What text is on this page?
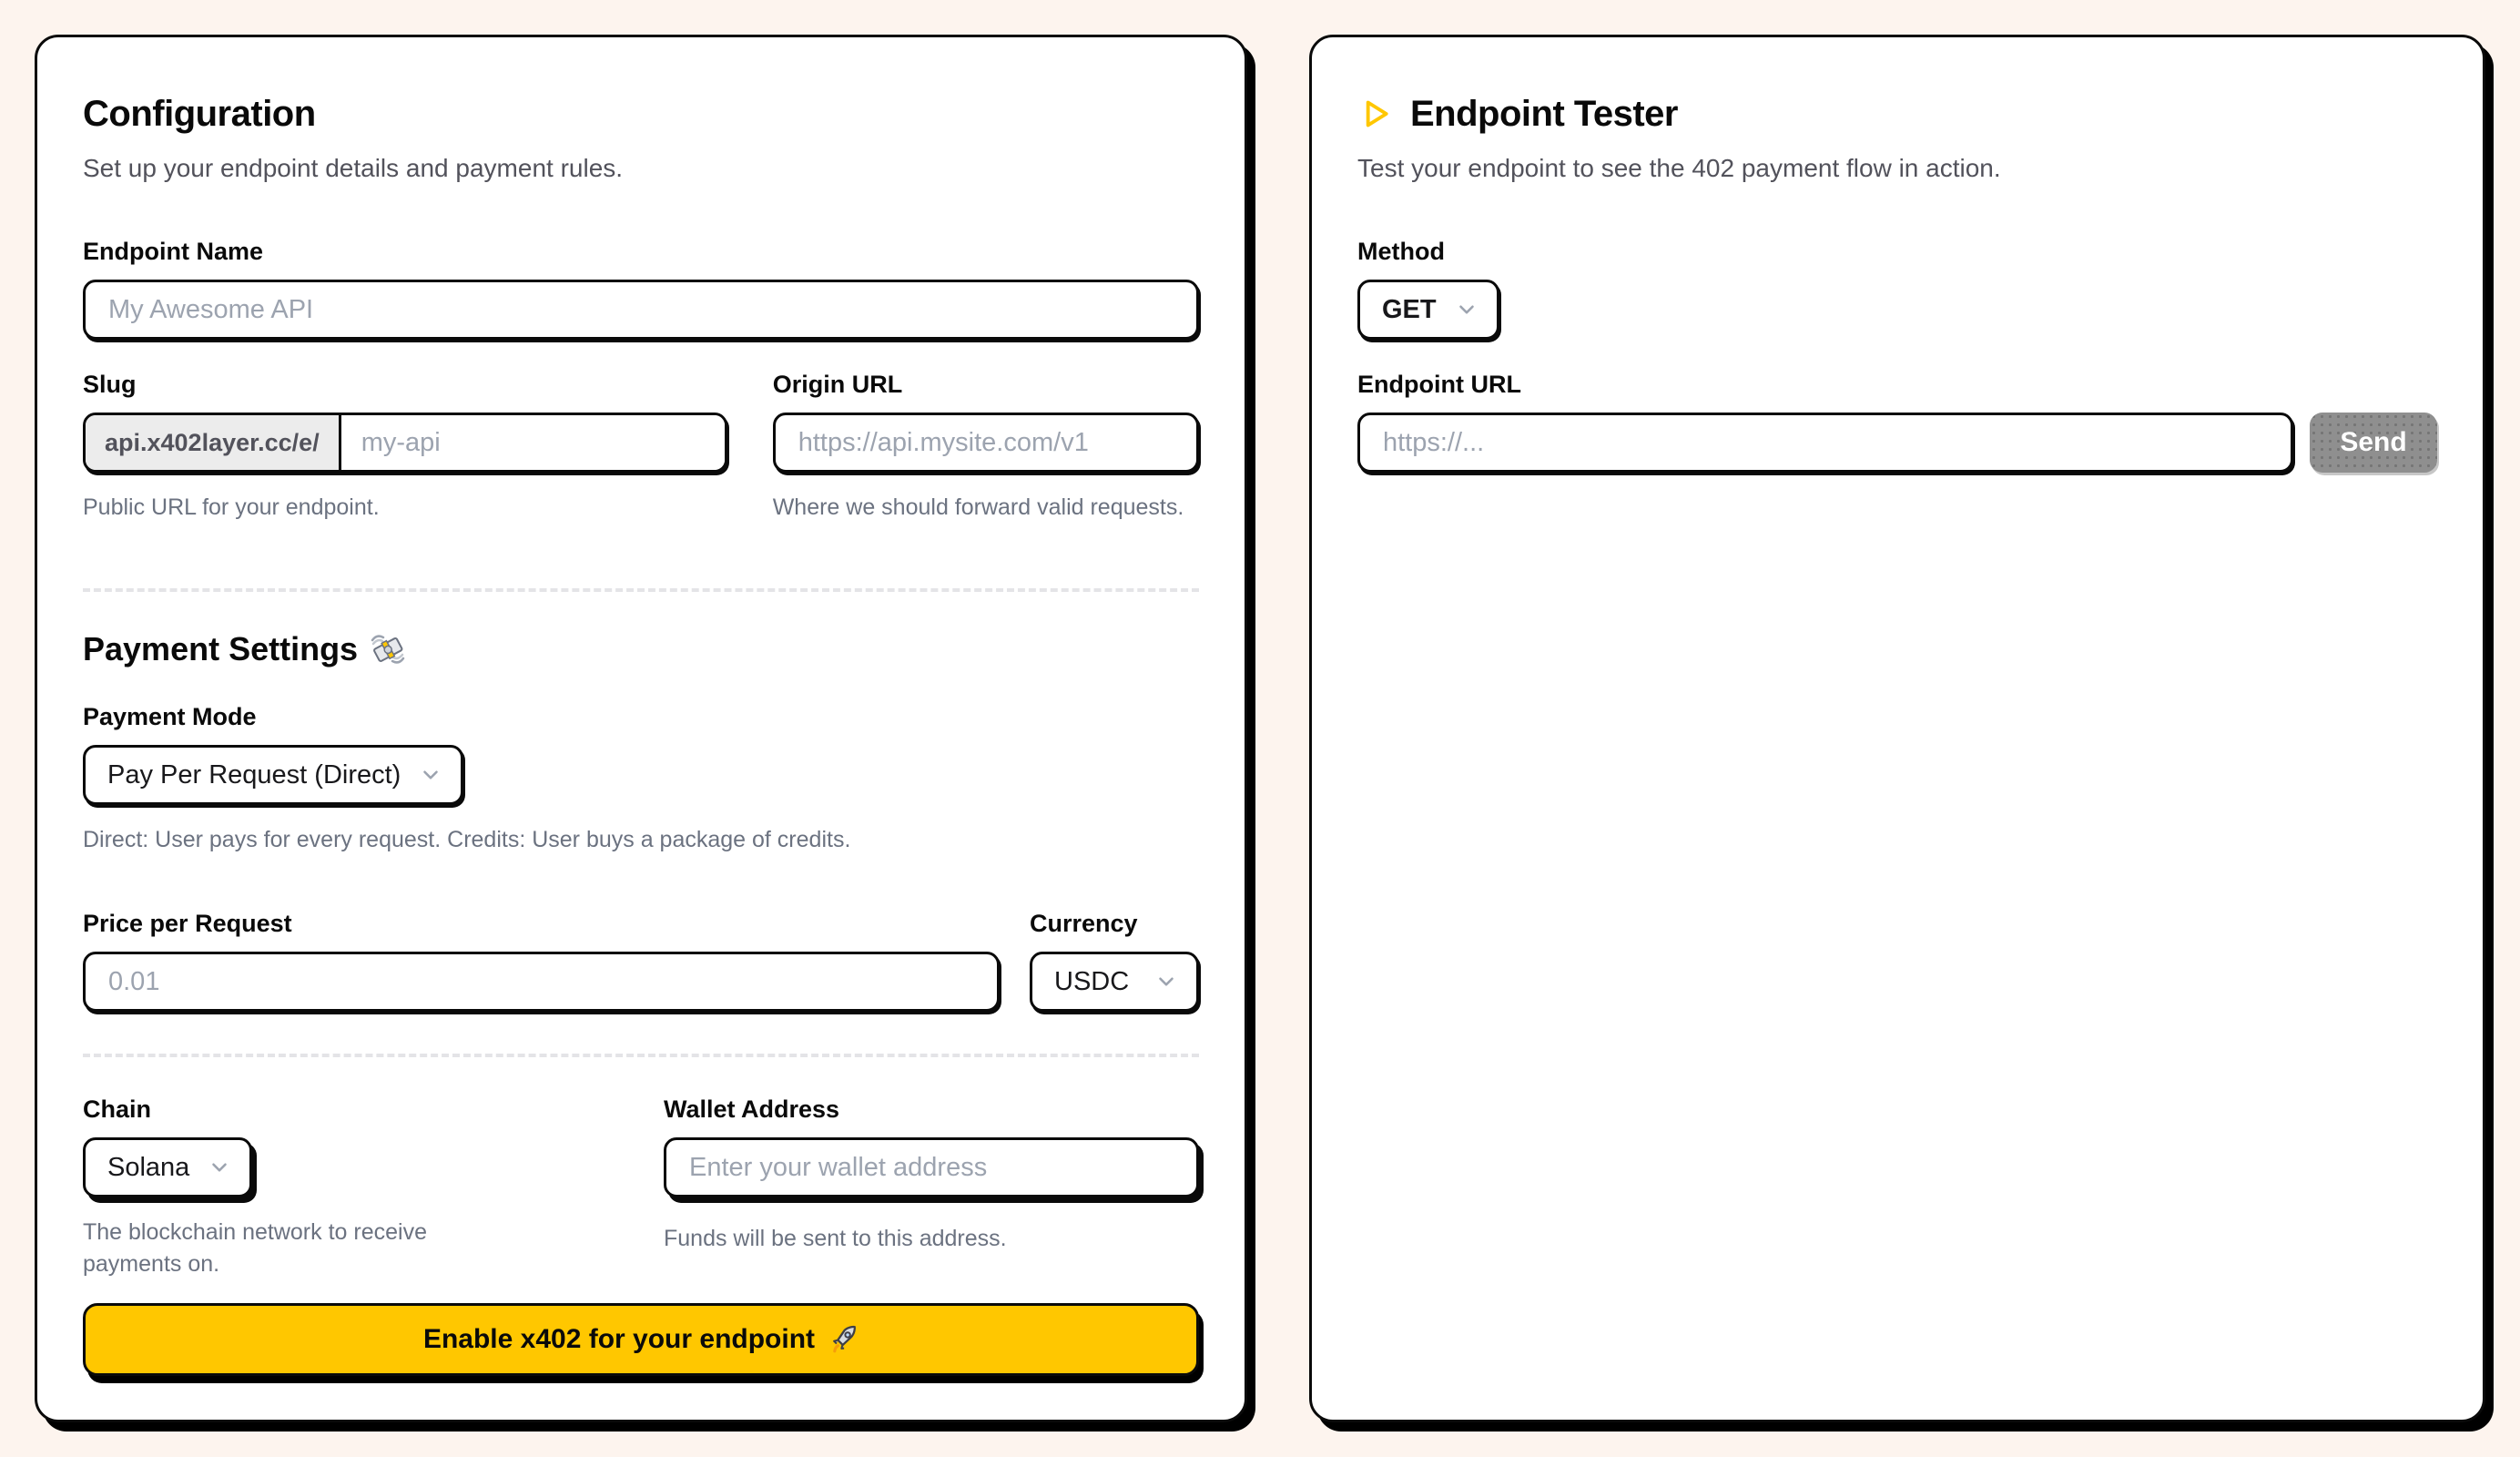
Configuration

Set up your endpoint details and payment rules.

Endpoint Name
My Awesome API
Slug
api.x402layer.cc/e/
my-api

Public URL for your endpoint.

Origin URL
https://api.mysite.com/v1

Where we should forward valid requests.

Payment Settings
Payment Mode
Pay Per Request (Direct)

Direct: User pays for every request. Credits: User buys a package of credits.

Price per Request
0.01	Currency
USDC
Chain
Solana

The blockchain network to receive payments on.

Wallet Address
Enter your wallet address

Funds will be sent to this address.

Enable x402 for your endpoint
Endpoint Tester

Test your endpoint to see the 402 payment flow in action.

Method
GET
Endpoint URL
https://...
Send
